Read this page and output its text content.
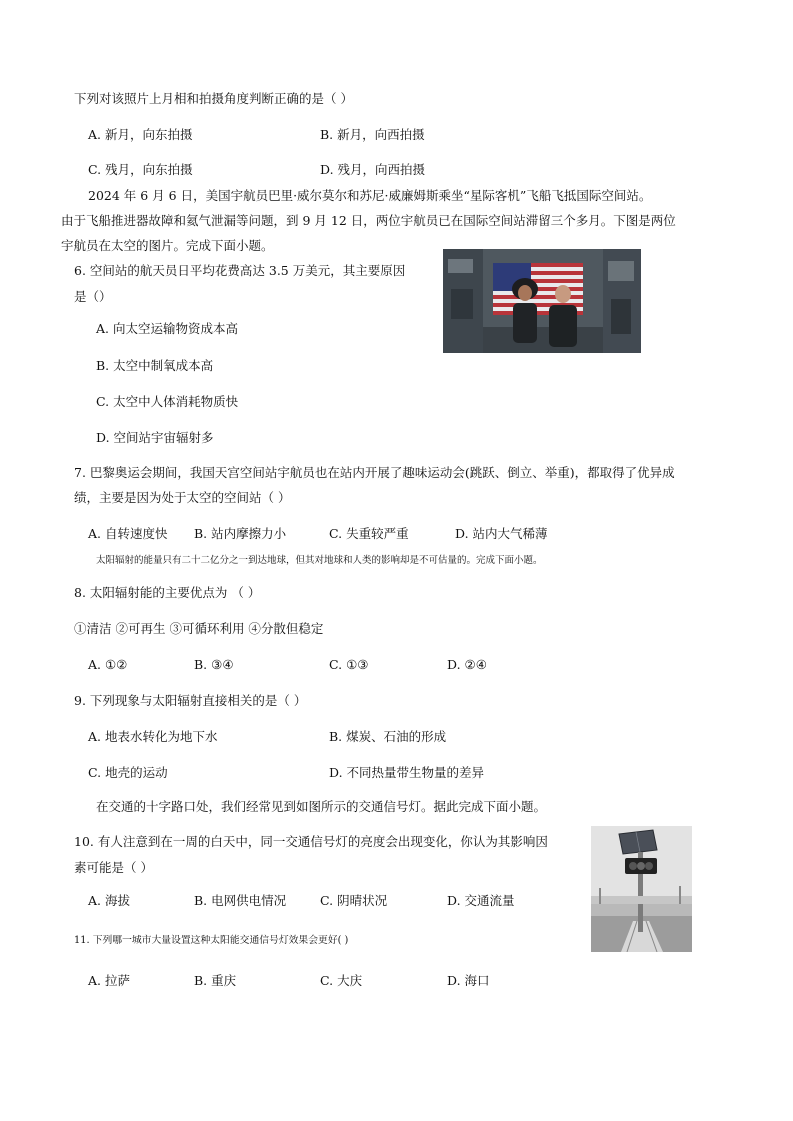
下列对该照片上月相和拍摄角度判断正确的是（ ）
A. 新月，向东拍摄	B. 新月，向西拍摄
C. 残月，向东拍摄	D. 残月，向西拍摄
2024 年 6 月 6 日，美国宇航员巴里·威尔莫尔和苏尼·威廉姆斯乘坐“星际客机”飞船飞抵国际空间站。
由于飞船推进器故障和氦气泄漏等问题，到 9 月 12 日，两位宇航员已在国际空间站滞留三个多月。下图是两位
宇航员在太空的图片。完成下面小题。
6. 空间站的航天员日平均花费高达 3.5 万美元，其主要原因
是（）
A. 向太空运输物资成本高
B. 太空中制氧成本高
C. 太空中人体消耗物质快
D. 空间站宇宙辐射多
7. 巴黎奥运会期间，我国天宫空间站宇航员也在站内开展了趣味运动会(跳跃、倒立、举重)，都取得了优异成
绩，主要是因为处于太空的空间站（ ）
A. 自转速度快 B. 站内摩擦力小	C. 失重较严重	D. 站内大气稀薄
太阳辐射的能量只有二十二亿分之一到达地球，但其对地球和人类的影响却是不可估量的。完成下面小题。
8. 太阳辐射能的主要优点为 （ ）
①清洁 ②可再生 ③可循环利用 ④分散但稳定
A. ①②	B. ③④	C. ①③	D. ②④
9. 下列现象与太阳辐射直接相关的是（ ）
A. 地表水转化为地下水	B. 煤炭、石油的形成
C. 地壳的运动	D. 不同热量带生物量的差异
在交通的十字路口处，我们经常见到如图所示的交通信号灯。据此完成下面小题。
10. 有人注意到在一周的白天中，同一交通信号灯的亮度会出现变化，你认为其影响因
素可能是（ ）
A. 海拔	B. 电网供电情况	C. 阴晴状况	D. 交通流量
11. 下列哪一城市大量设置这种太阳能交通信号灯效果会更好( )
A. 拉萨	B. 重庆	C. 大庆	D. 海口
